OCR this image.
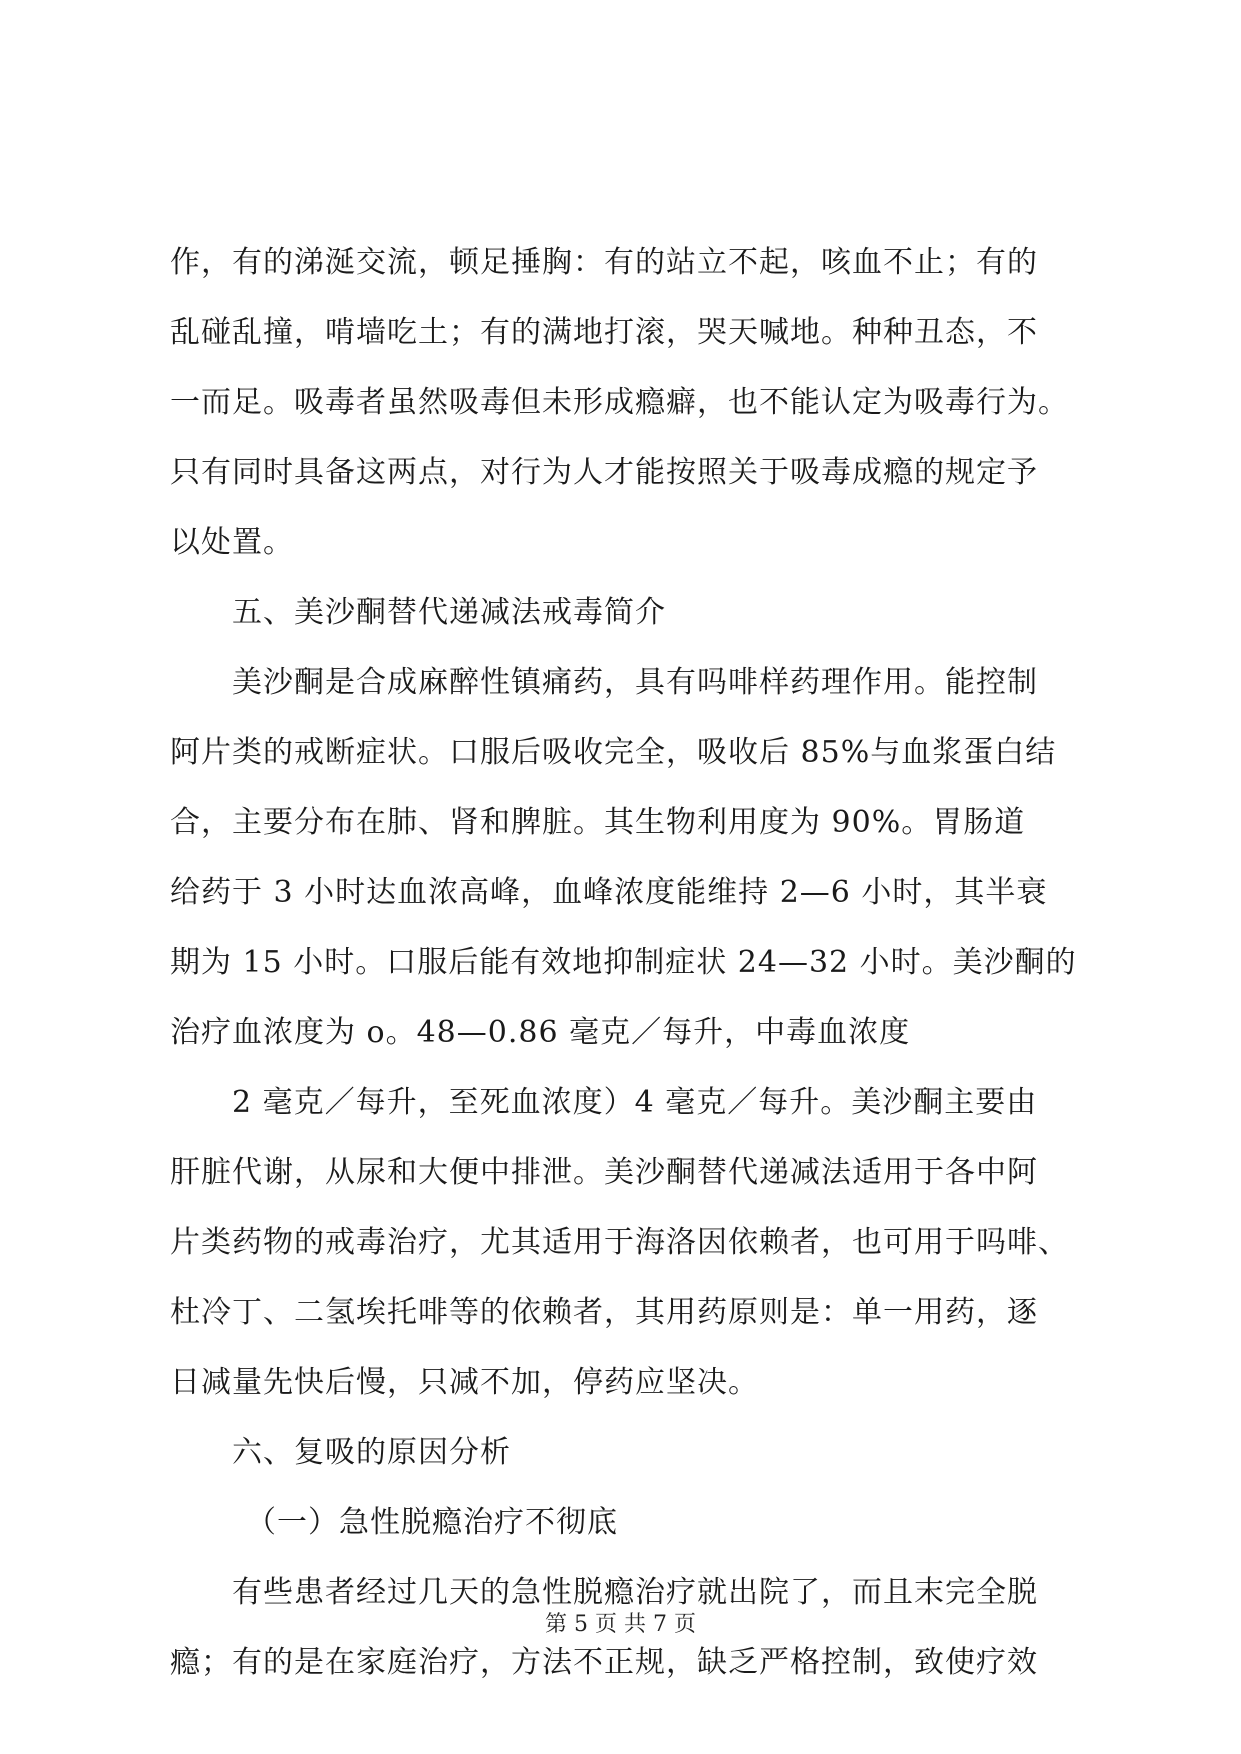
作，有的涕涎交流，顿足捶胸：有的站立不起，咳血不止；有的
乱碰乱撞，啃墙吃土；有的满地打滚，哭天喊地。种种丑态，不
一而足。吸毒者虽然吸毒但未形成瘾癖，也不能认定为吸毒行为。
只有同时具备这两点，对行为人才能按照关于吸毒成瘾的规定予
以处置。
五、美沙酮替代递减法戒毒简介
美沙酮是合成麻醉性镇痛药，具有吗啡样药理作用。能控制
阿片类的戒断症状。口服后吸收完全，吸收后 85%与血浆蛋白结
合，主要分布在肺、肾和脾脏。其生物利用度为 90%。胃肠道
给药于 3 小时达血浓高峰，血峰浓度能维持 2—6 小时，其半衰
期为 15 小时。口服后能有效地抑制症状 24—32 小时。美沙酮的
治疗血浓度为 o。48—0.86 毫克／每升，中毒血浓度
2 毫克／每升，至死血浓度）4 毫克／每升。美沙酮主要由
肝脏代谢，从尿和大便中排泄。美沙酮替代递减法适用于各中阿
片类药物的戒毒治疗，尤其适用于海洛因依赖者，也可用于吗啡、
杜冷丁、二氢埃托啡等的依赖者，其用药原则是：单一用药，逐
日减量先快后慢，只减不加，停药应坚决。
六、复吸的原因分析
（一）急性脱瘾治疗不彻底
有些患者经过几天的急性脱瘾治疗就出院了，而且末完全脱
瘾；有的是在家庭治疗，方法不正规，缺乏严格控制，致使疗效
第 5 页 共 7 页
